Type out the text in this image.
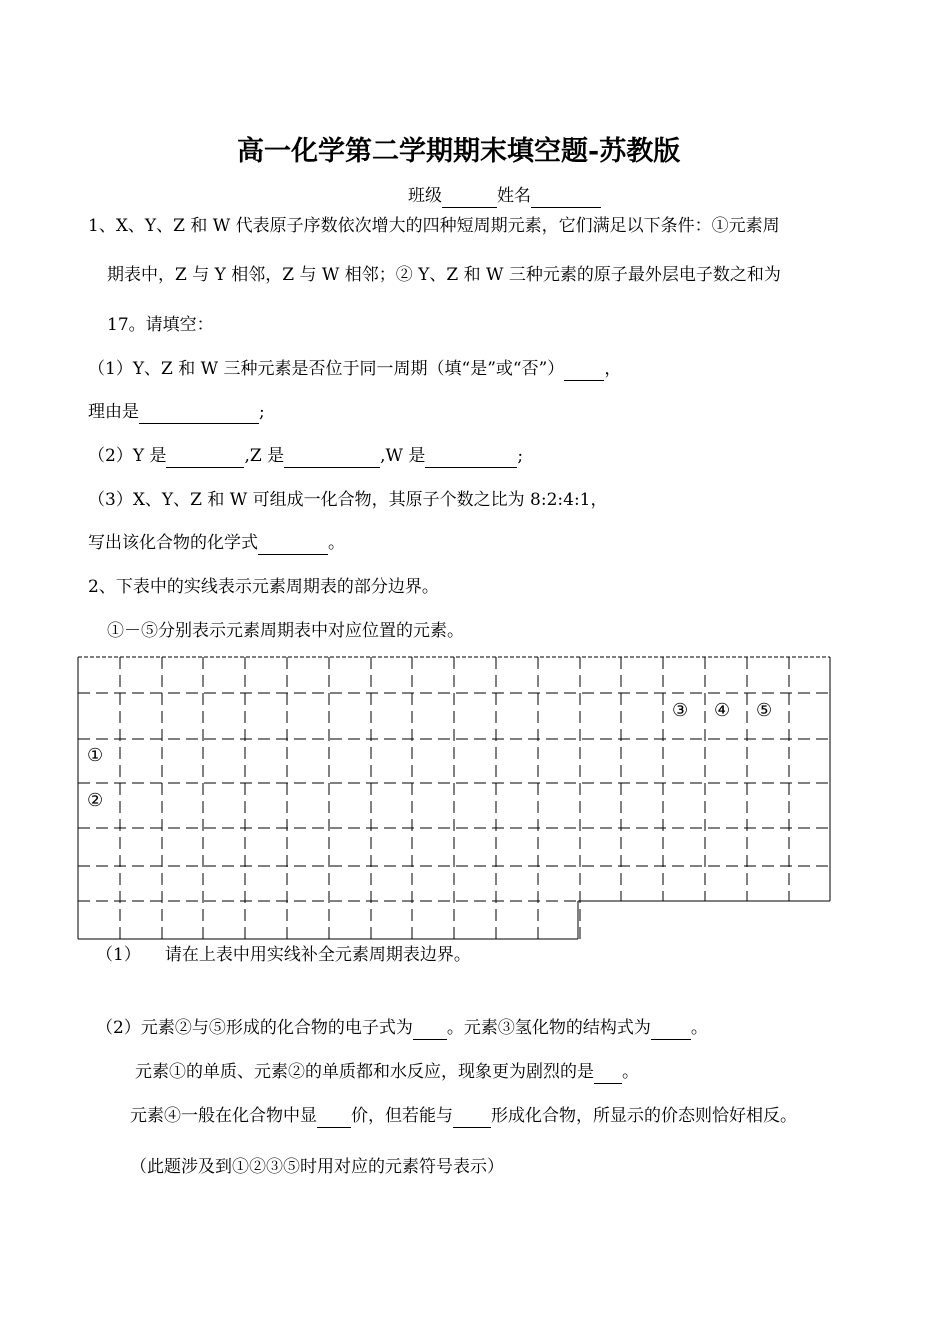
高一化学第二学期期末填空题-苏教版
班级	姓名
1、X、Y、Z 和 W 代表原子序数依次增大的四种短周期元素，它们满足以下条件：①元素周
期表中，Z 与 Y 相邻，Z 与 W 相邻；② Y、Z 和 W 三种元素的原子最外层电子数之和为
17。请填空：
（1）Y、Z 和 W 三种元素是否位于同一周期（填“是”或“否”） ，
理由是	;
（2）Y 是	,Z 是	,W 是	;
（3）X、Y、Z 和 W 可组成一化合物，其原子个数之比为 8:2:4:1，
写出该化合物的化学式	。
2、下表中的实线表示元素周期表的部分边界。
①－⑤分别表示元素周期表中对应位置的元素。
③ ④ ⑤
①
②
（1） 请在上表中用实线补全元素周期表边界。
（2）元素②与⑤形成的化合物的电子式为 。元素③氢化物的结构式为 。
元素①的单质、元素②的单质都和水反应，现象更为剧烈的是 。
元素④一般在化合物中显 价，但若能与 形成化合物，所显示的价态则恰好相反。
（此题涉及到①②③⑤时用对应的元素符号表示）
